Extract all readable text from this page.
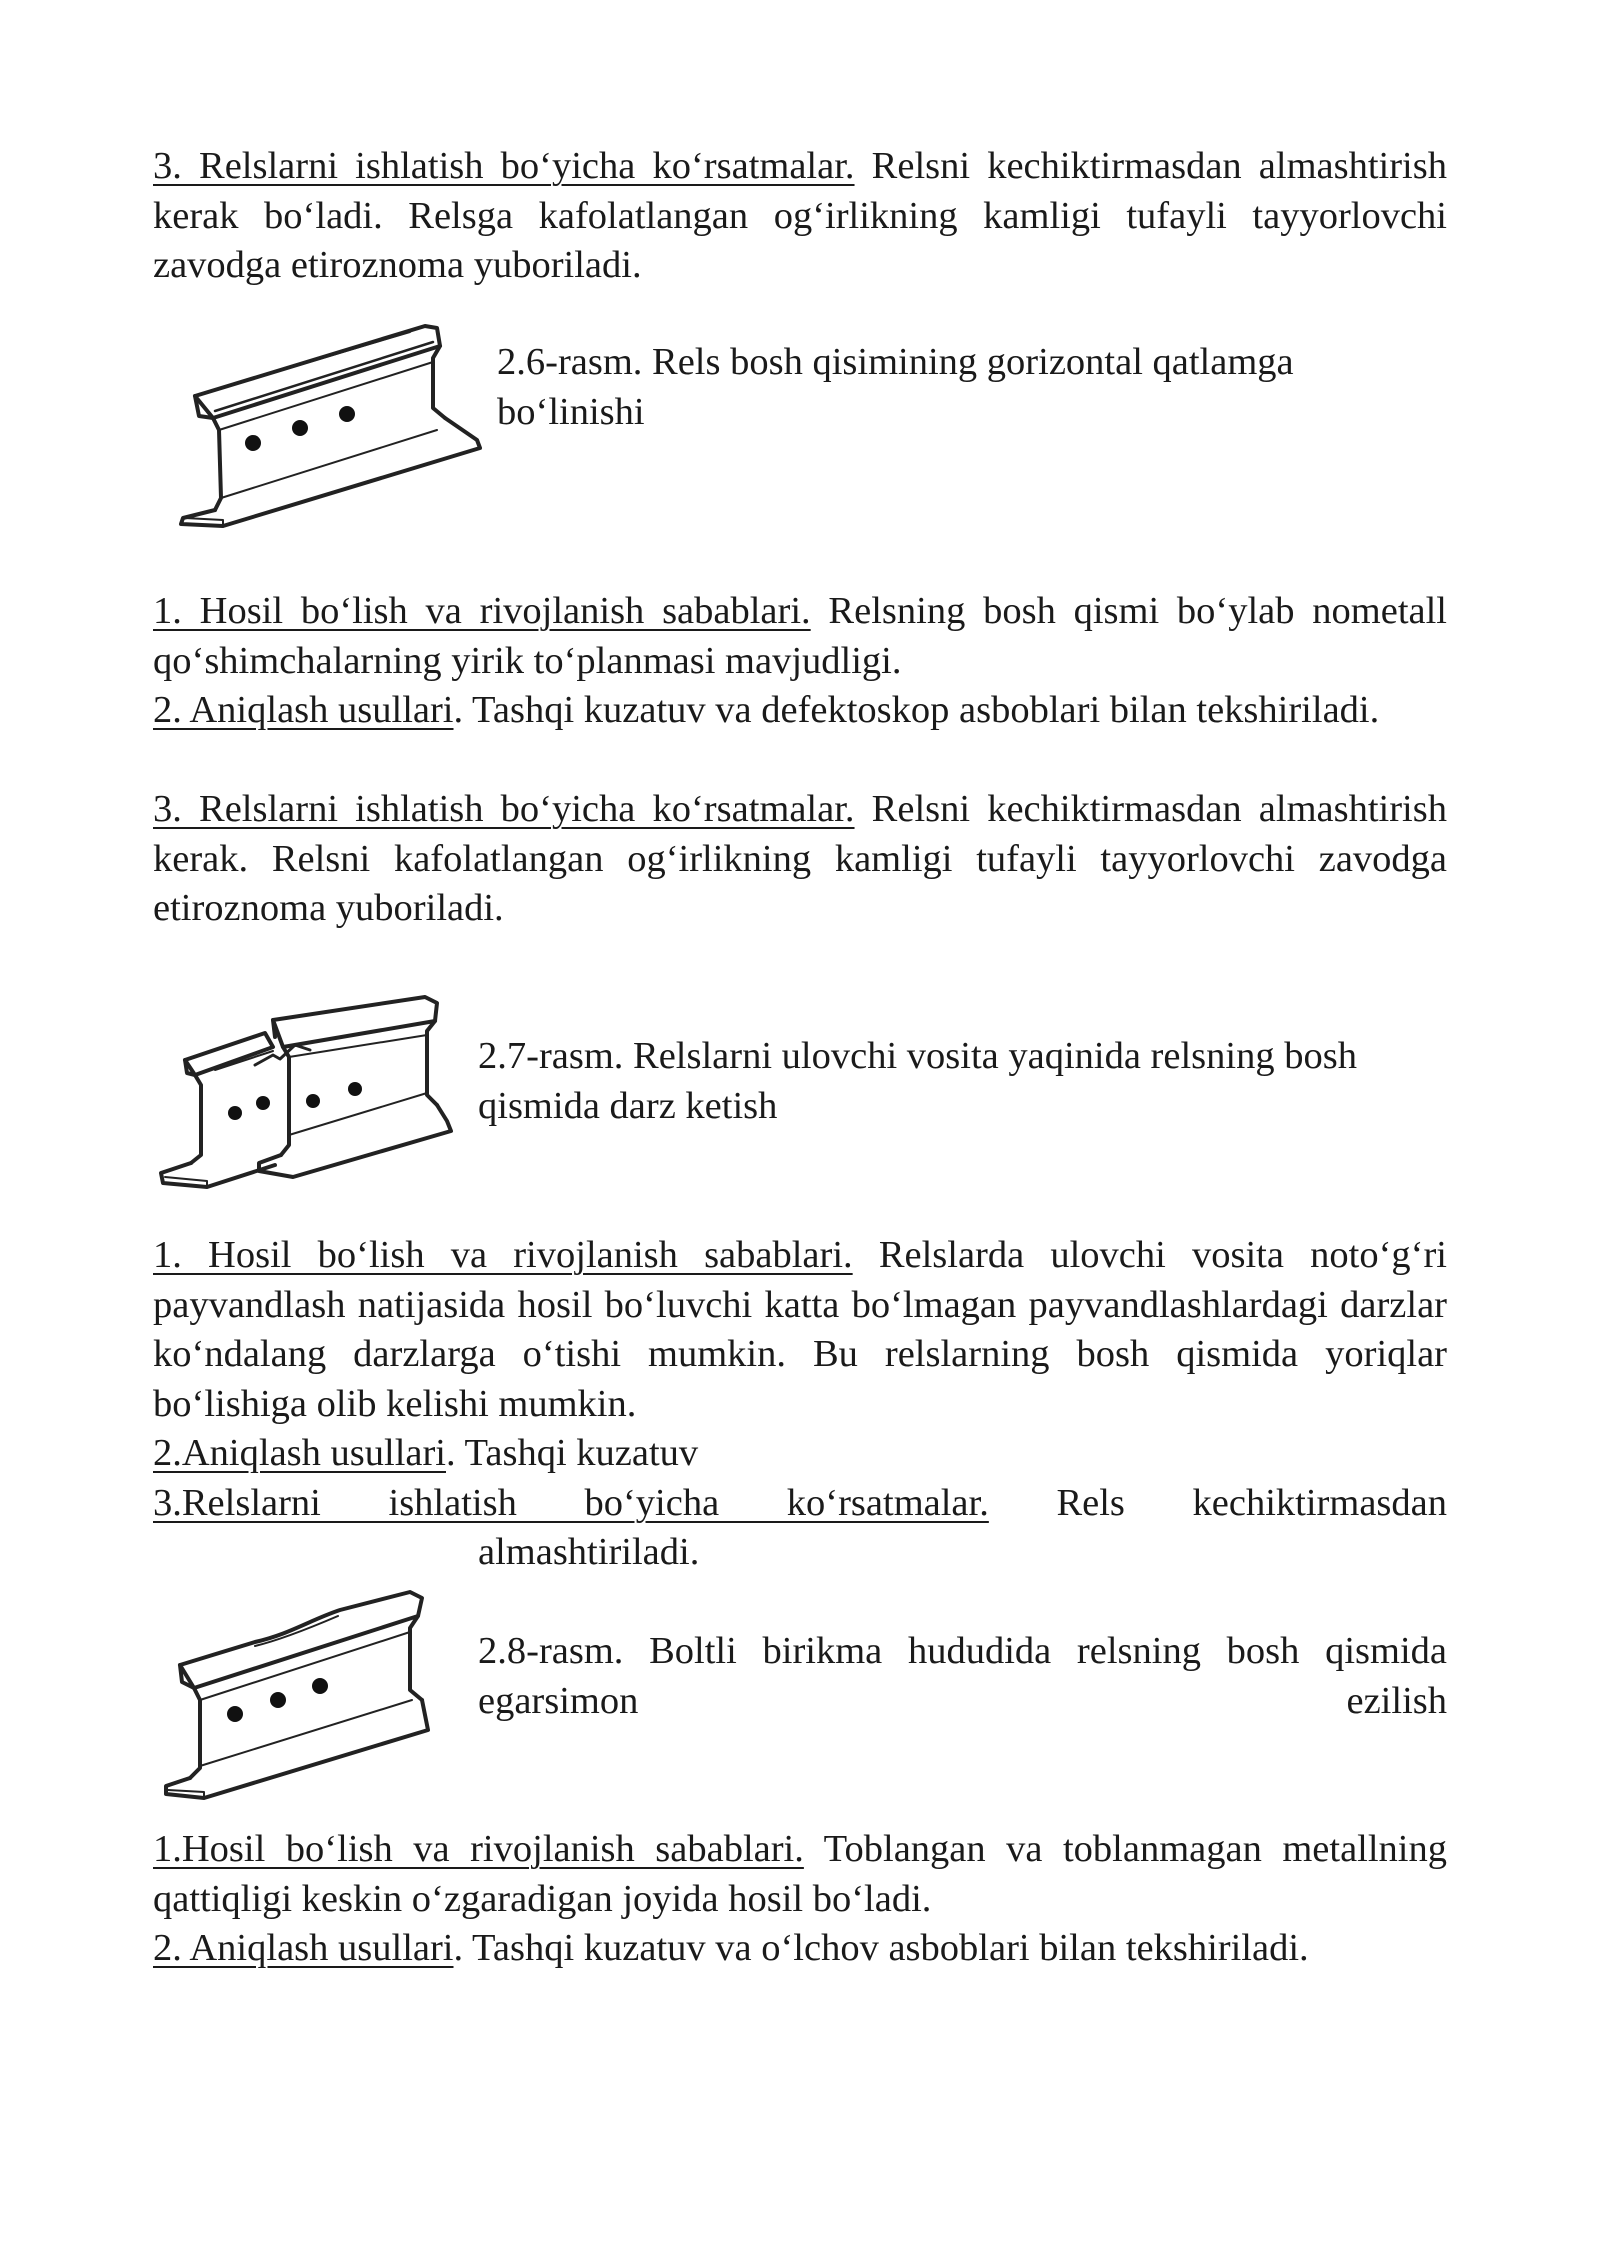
3. Relslarni ishlatish bo‘yicha ko‘rsatmalar. Relsni kechiktirmasdan almashtirish kerak bo‘ladi. Relsga kafolatlangan og‘irlikning kamligi tufayli tayyorlovchi zavodga etiroznoma yuboriladi.

2.6-rasm. Rels bosh qisimining gorizontal qatlamga bo‘linishi

1. Hosil bo‘lish va rivojlanish sabablari. Relsning bosh qismi bo‘ylab nometall qo‘shimchalarning yirik to‘planmasi mavjudligi.

2. Aniqlash usullari. Tashqi kuzatuv va defektoskop asboblari bilan tekshiriladi.

3. Relslarni ishlatish bo‘yicha ko‘rsatmalar. Relsni kechiktirmasdan almashtirish kerak. Relsni kafolatlangan og‘irlikning kamligi tufayli tayyorlovchi zavodga etiroznoma yuboriladi.

2.7-rasm. Relslarni ulovchi vosita yaqinida relsning bosh qismida darz ketish

1. Hosil bo‘lish va rivojlanish sabablari. Relslarda ulovchi vosita noto‘g‘ri payvandlash natijasida hosil bo‘luvchi katta bo‘lmagan payvandlashlardagi darzlar ko‘ndalang darzlarga o‘tishi mumkin. Bu relslarning bosh qismida yoriqlar bo‘lishiga olib kelishi mumkin.

2.Aniqlash usullari. Tashqi kuzatuv

3.Relslarni ishlatish bo‘yicha ko‘rsatmalar. Rels kechiktirmasdan

almashtiriladi.

2.8-rasm. Boltli birikma hududida relsning bosh qismida egarsimon ezilish

1.Hosil bo‘lish va rivojlanish sabablari. Toblangan va toblanmagan metallning qattiqligi keskin o‘zgaradigan joyida hosil bo‘ladi.

2. Aniqlash usullari. Tashqi kuzatuv va o‘lchov asboblari bilan tekshiriladi.
